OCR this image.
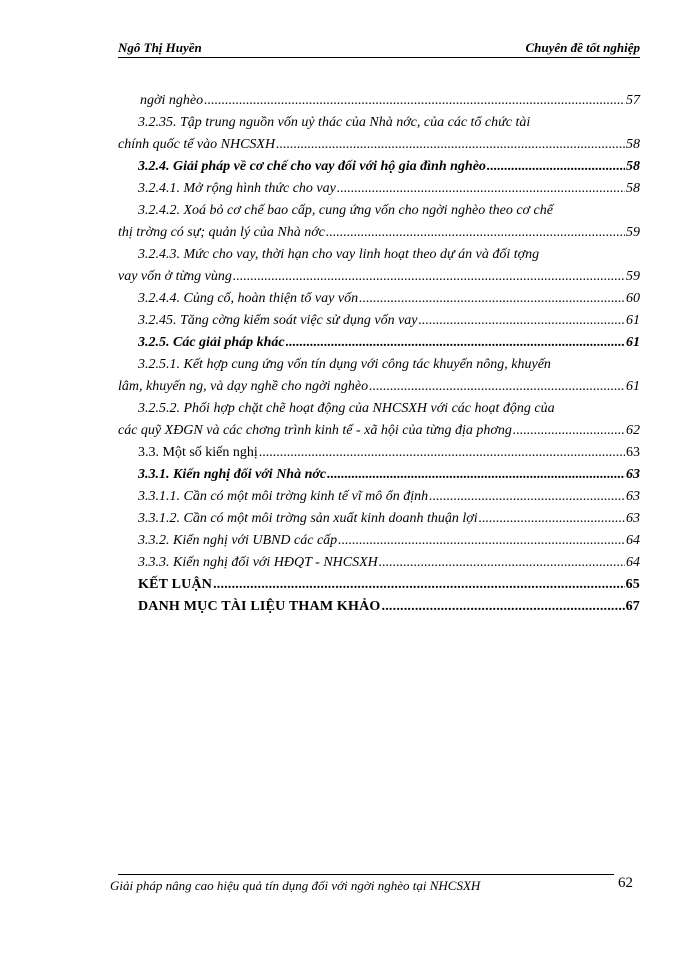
Ngô Thị Huyền	Chuyên đề tốt nghiệp
ngời nghèo .....	57
3.2.35. Tập trung nguồn vốn uỷ thác của Nhà nớc, của các tổ chức tài
chính quốc tế vào NHCSXH .....	58
3.2.4. Giải pháp về cơ chế cho vay đối với hộ gia đình nghèo .....	58
3.2.4.1. Mở rộng hình thức cho vay .....	58
3.2.4.2. Xoá bỏ cơ chế bao cấp, cung ứng vốn cho ngời nghèo theo cơ chế
thị trờng có sự; quản lý của Nhà nớc .....	59
3.2.4.3. Mức cho vay, thời hạn cho vay linh hoạt theo dự án và đối tợng
vay vốn ở từng vùng .....	59
3.2.4.4. Củng cố, hoàn thiện tổ vay vốn .....	60
3.2.45. Tăng cờng kiểm soát việc sử dụng vốn vay .....	61
3.2.5. Các giải pháp khác .....	61
3.2.5.1. Kết hợp cung ứng vốn tín dụng với công tác khuyến nông, khuyến
lâm, khuyến ng, và dạy nghề cho ngời nghèo .....	61
3.2.5.2. Phối hợp chặt chẽ hoạt động của NHCSXH với các hoạt động của
các quỹ XĐGN và các chơng trình kinh tế - xã hội của từng địa phơng .....	62
3.3. Một số kiến nghị .....	63
3.3.1. Kiến nghị đối với Nhà nớc .....	63
3.3.1.1. Cần có một môi trờng kinh tế vĩ mô ổn định .....	63
3.3.1.2. Cần có một môi trờng sản xuất kinh doanh thuận lợi .....	63
3.3.2. Kiến nghị với UBND các cấp .....	64
3.3.3. Kiến nghị đối với HĐQT - NHCSXH .....	64
KẾT LUẬN .....	65
DANH MỤC TÀI LIỆU THAM KHẢO .....	67
Giải pháp nâng cao hiệu quả tín dụng đối với ngời nghèo tại NHCSXH	62
